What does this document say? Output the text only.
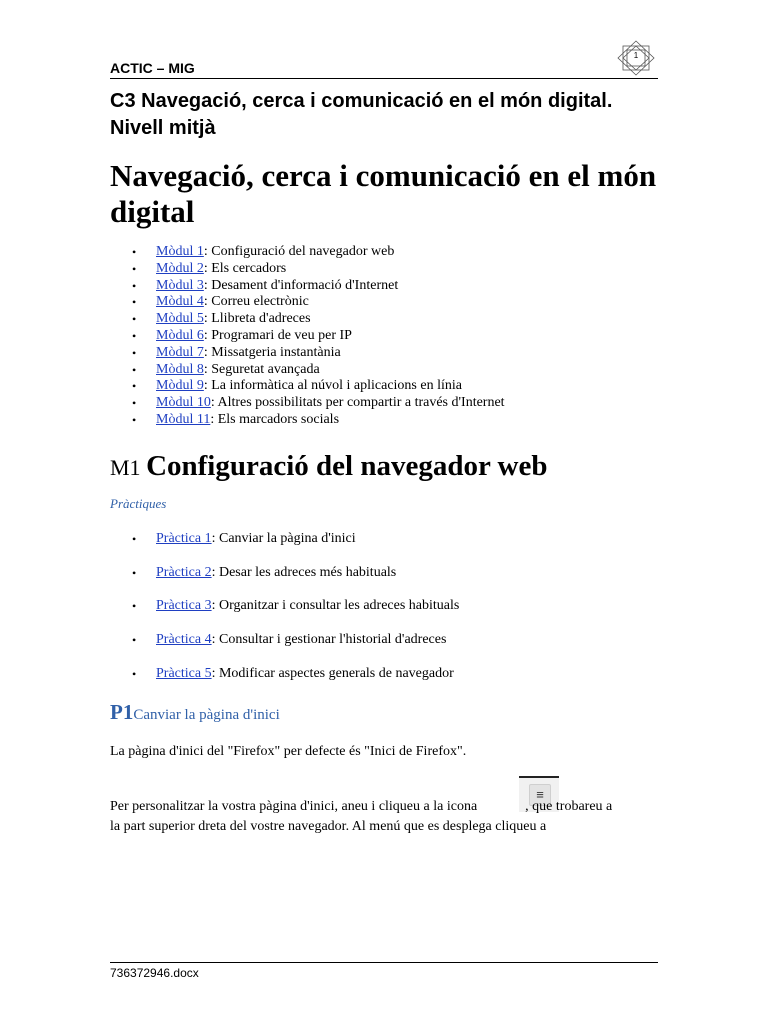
ACTIC – MIG
1
C3 Navegació, cerca i comunicació en el món digital.
Nivell mitjà
Navegació, cerca i comunicació en el món
digital
• Mòdul 1: Configuració del navegador web
• Mòdul 2: Els cercadors
• Mòdul 3: Desament d'informació d'Internet
• Mòdul 4: Correu electrònic
• Mòdul 5: Llibreta d'adreces
• Mòdul 6: Programari de veu per IP
• Mòdul 7: Missatgeria instantània
• Mòdul 8: Seguretat avançada
• Mòdul 9: La informàtica al núvol i aplicacions en línia
• Mòdul 10: Altres possibilitats per compartir a través d'Internet
• Mòdul 11: Els marcadors socials
M1 Configuració del navegador web
Pràctiques
• Pràctica 1: Canviar la pàgina d'inici
• Pràctica 2: Desar les adreces més habituals
• Pràctica 3: Organitzar i consultar les adreces habituals
• Pràctica 4: Consultar i gestionar l'historial d'adreces
• Pràctica 5: Modificar aspectes generals de navegador
P1Canviar la pàgina d'inici

La pàgina d'inici del "Firefox" per defecte és "Inici de Firefox".

≡

Per personalitzar la vostra pàgina d'inici, aneu i cliqueu a la icona	, que trobareu a

la part superior dreta del vostre navegador. Al menú que es desplega cliqueu a

736372946.docx
